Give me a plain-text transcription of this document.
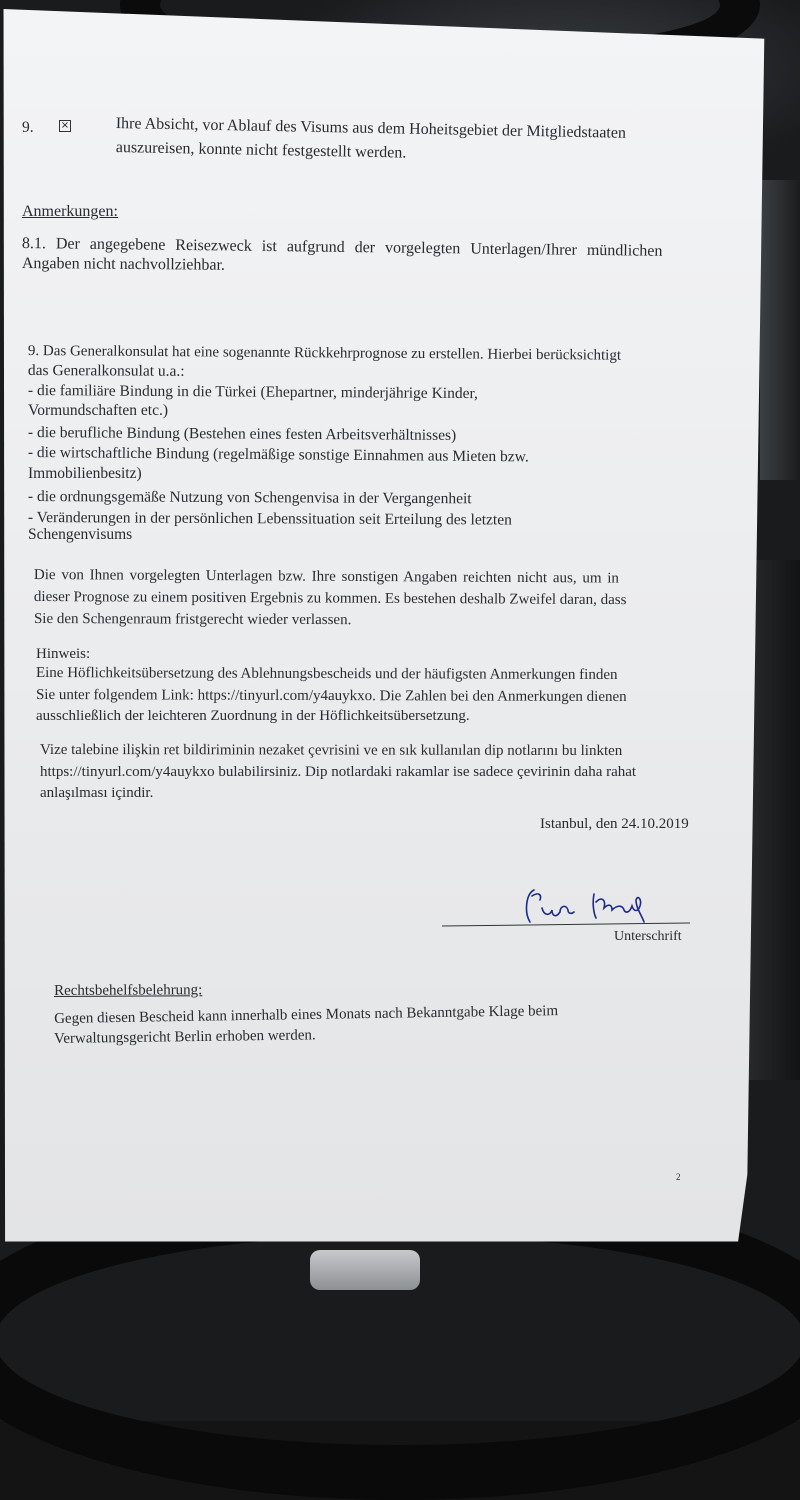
9.	×	Ihre Absicht, vor Ablauf des Visums aus dem Hoheitsgebiet der Mitgliedstaaten
auszureisen, konnte nicht festgestellt werden.
Anmerkungen:
8.1. Der angegebene Reisezweck ist aufgrund der vorgelegten Unterlagen/Ihrer mündlichen
Angaben nicht nachvollziehbar.
9. Das Generalkonsulat hat eine sogenannte Rückkehrprognose zu erstellen. Hierbei berücksichtigt
das Generalkonsulat u.a.:
- die familiäre Bindung in die Türkei (Ehepartner, minderjährige Kinder,
Vormundschaften etc.)
- die berufliche Bindung (Bestehen eines festen Arbeitsverhältnisses)
- die wirtschaftliche Bindung (regelmäßige sonstige Einnahmen aus Mieten bzw.
Immobilienbesitz)
- die ordnungsgemäße Nutzung von Schengenvisa in der Vergangenheit
- Veränderungen in der persönlichen Lebenssituation seit Erteilung des letzten
Schengenvisums
Die von Ihnen vorgelegten Unterlagen bzw. Ihre sonstigen Angaben reichten nicht aus, um in
dieser Prognose zu einem positiven Ergebnis zu kommen. Es bestehen deshalb Zweifel daran, dass
Sie den Schengenraum fristgerecht wieder verlassen.
Hinweis:
Eine Höflichkeitsübersetzung des Ablehnungsbescheids und der häufigsten Anmerkungen finden
Sie unter folgendem Link: https://tinyurl.com/y4auykxo. Die Zahlen bei den Anmerkungen dienen
ausschließlich der leichteren Zuordnung in der Höflichkeitsübersetzung.
Vize talebine ilişkin ret bildiriminin nezaket çevrisini ve en sık kullanılan dip notlarını bu linkten
https://tinyurl.com/y4auykxo bulabilirsiniz. Dip notlardaki rakamlar ise sadece çevirinin daha rahat
anlaşılması içindir.
Istanbul, den 24.10.2019
Unterschrift
Rechtsbehelfsbelehrung:
Gegen diesen Bescheid kann innerhalb eines Monats nach Bekanntgabe Klage beim
Verwaltungsgericht Berlin erhoben werden.
2
